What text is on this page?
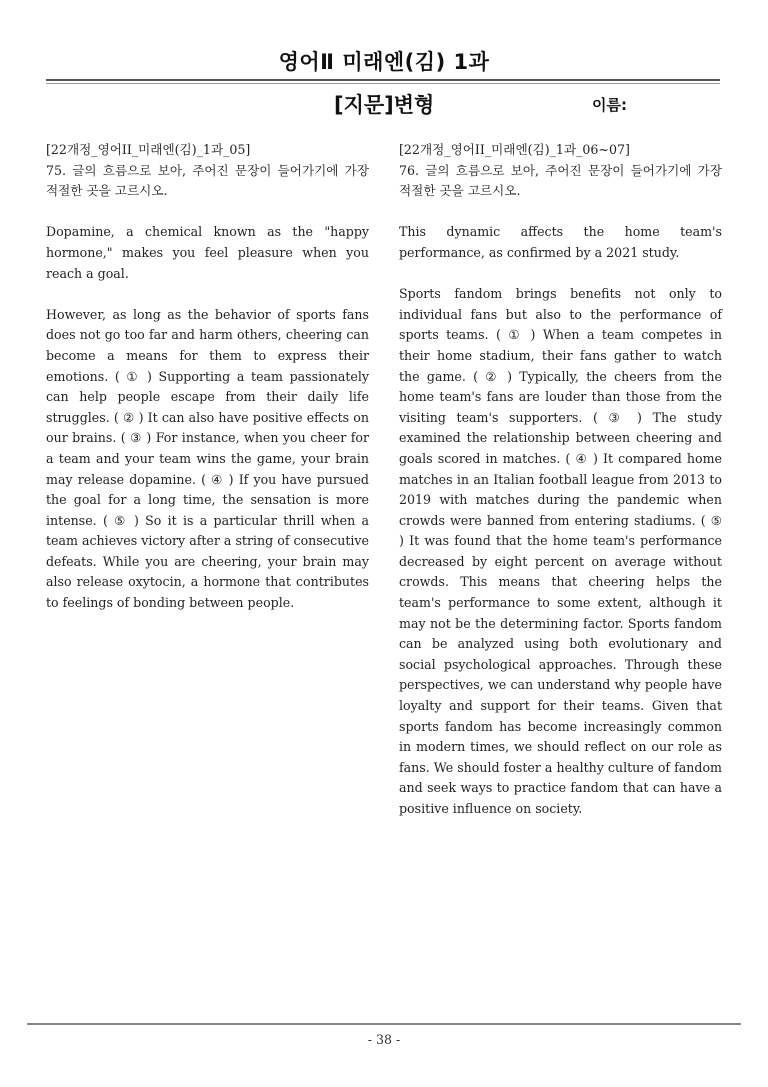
영어Ⅱ 미래엔(김) 1과
[지문]변형	이름:

[22개정_영어II_미래엔(김)_1과_05]

75. 글의 흐름으로 보아, 주어진 문장이 들어가기에 가장 적절한 곳을 고르시오.

Dopamine, a chemical known as the "happy hormone," makes you feel pleasure when you reach a goal.

However, as long as the behavior of sports fans does not go too far and harm others, cheering can become a means for them to express their emotions. ( ① ) Supporting a team passionately can help people escape from their daily life struggles. ( ② ) It can also have positive effects on our brains. ( ③ ) For instance, when you cheer for a team and your team wins the game, your brain may release dopamine. ( ④ ) If you have pursued the goal for a long time, the sensation is more intense. ( ⑤ ) So it is a particular thrill when a team achieves victory after a string of consecutive defeats. While you are cheering, your brain may also release oxytocin, a hormone that contributes to feelings of bonding between people.

[22개정_영어II_미래엔(김)_1과_06~07]

76. 글의 흐름으로 보아, 주어진 문장이 들어가기에 가장 적절한 곳을 고르시오.

This dynamic affects the home team's performance, as confirmed by a 2021 study.

Sports fandom brings benefits not only to individual fans but also to the performance of sports teams. ( ① ) When a team competes in their home stadium, their fans gather to watch the game. ( ② ) Typically, the cheers from the home team's fans are louder than those from the visiting team's supporters. ( ③ ) The study examined the relationship between cheering and goals scored in matches. ( ④ ) It compared home matches in an Italian football league from 2013 to 2019 with matches during the pandemic when crowds were banned from entering stadiums. ( ⑤ ) It was found that the home team's performance decreased by eight percent on average without crowds. This means that cheering helps the team's performance to some extent, although it may not be the determining factor. Sports fandom can be analyzed using both evolutionary and social psychological approaches. Through these perspectives, we can understand why people have loyalty and support for their teams. Given that sports fandom has become increasingly common in modern times, we should reflect on our role as fans. We should foster a healthy culture of fandom and seek ways to practice fandom that can have a positive influence on society.

- 38 -
